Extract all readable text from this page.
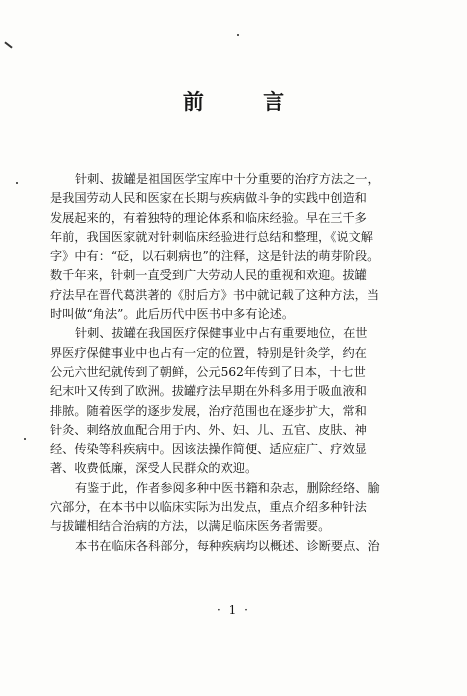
前 言
针刺、拔罐是祖国医学宝库中十分重要的治疗方法之一，
是我国劳动人民和医家在长期与疾病做斗争的实践中创造和
发展起来的，有着独特的理论体系和临床经验。早在三千多
年前，我国医家就对针刺临床经验进行总结和整理，《说文解
字》中有：“砭，以石刺病也”的注释，这是针法的萌芽阶段。
数千年来，针刺一直受到广大劳动人民的重视和欢迎。拔罐
疗法早在晋代葛洪著的《肘后方》书中就记载了这种方法，当
时叫做“角法”。此后历代中医书中多有论述。
针刺、拔罐在我国医疗保健事业中占有重要地位，在世
界医疗保健事业中也占有一定的位置，特别是针灸学，约在
公元六世纪就传到了朝鲜，公元562年传到了日本，十七世
纪末叶又传到了欧洲。拔罐疗法早期在外科多用于吸血液和
排脓。随着医学的逐步发展，治疗范围也在逐步扩大，常和
针灸、刺络放血配合用于内、外、妇、儿、五官、皮肤、神
经、传染等科疾病中。因该法操作简便、适应症广、疗效显
著、收费低廉，深受人民群众的欢迎。
有鉴于此，作者参阅多种中医书籍和杂志，删除经络、腧
穴部分，在本书中以临床实际为出发点，重点介绍多种针法
与拔罐相结合治病的方法，以满足临床医务者需要。
本书在临床各科部分，每种疾病均以概述、诊断要点、治
· 1 ·
